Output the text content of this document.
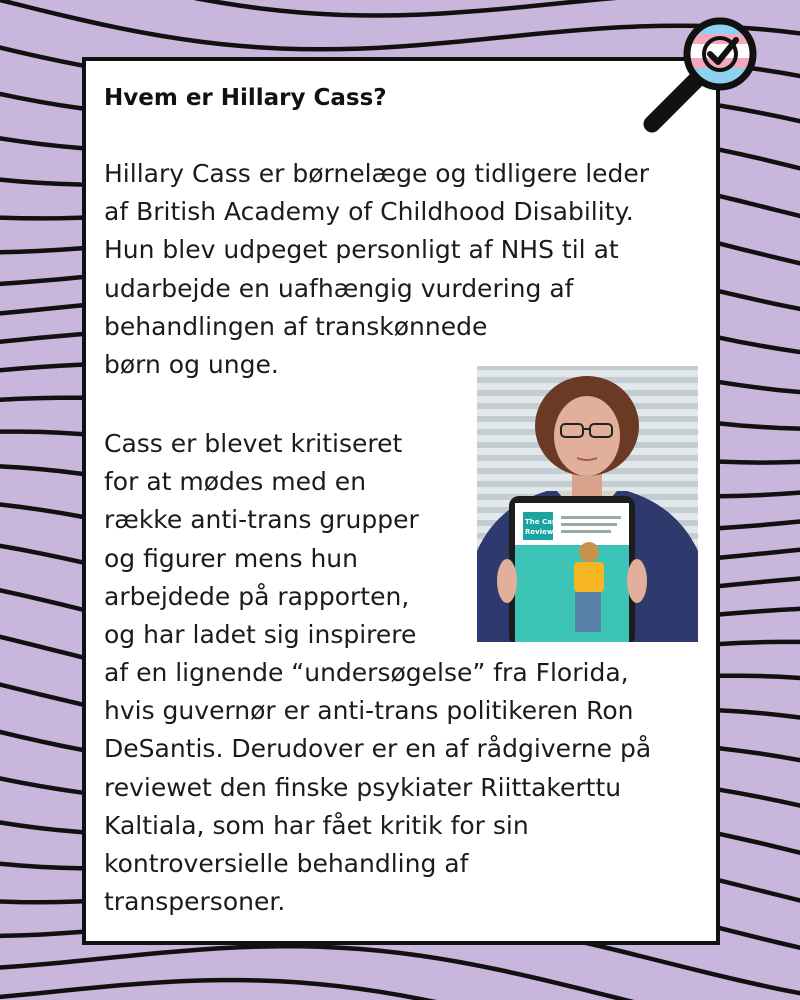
Hvem er Hillary Cass?

Hillary Cass er børnelæge og tidligere leder
af British Academy of Childhood Disability.
Hun blev udpeget personligt af NHS til at
udarbejde en uafhængig vurdering af
behandlingen af transkønnede
børn og unge.

Cass er blevet kritiseret
for at mødes med en
række anti-trans grupper
og figurer mens hun
arbejdede på rapporten,
og har ladet sig inspirere

af en lignende “undersøgelse” fra Florida,
hvis guvernør er anti-trans politikeren Ron
DeSantis. Derudover er en af rådgiverne på
reviewet den finske psykiater Riittakerttu
Kaltiala, som har fået kritik for sin
kontroversielle behandling af
transpersoner.

The Cass
Review
